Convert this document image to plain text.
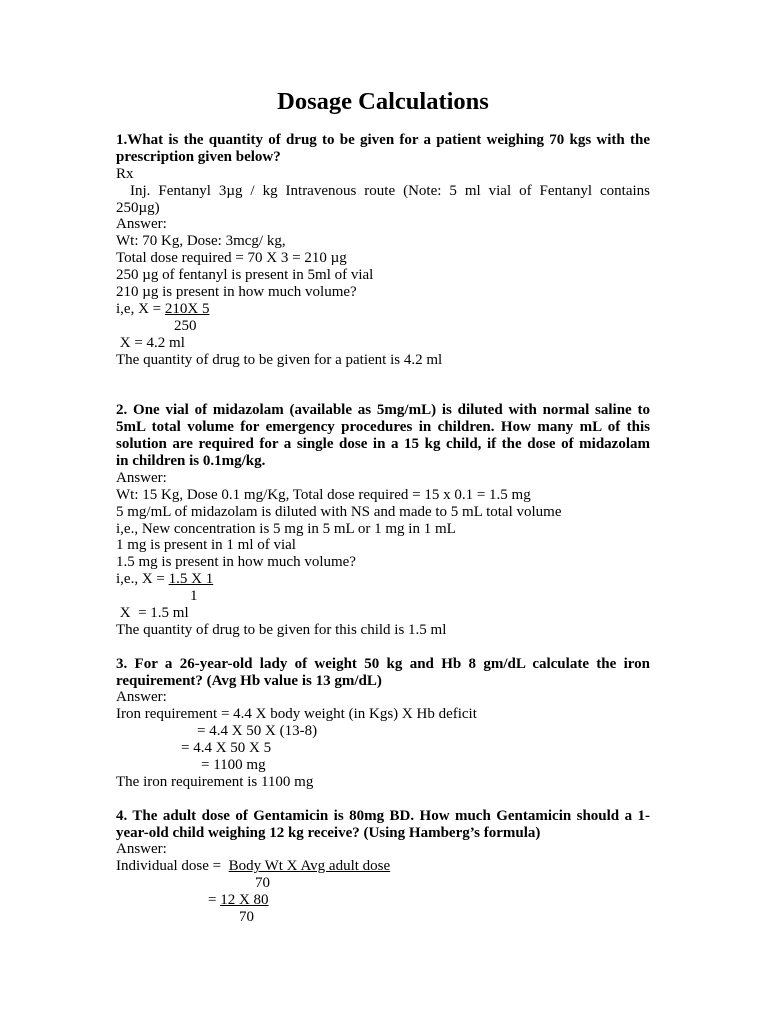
Dosage Calculations
1.What is the quantity of drug to be given for a patient weighing 70 kgs with the
prescription given below?
Rx
Inj. Fentanyl 3µg / kg Intravenous route (Note: 5 ml vial of Fentanyl contains
250µg)
Answer:
Wt: 70 Kg, Dose: 3mcg/ kg,
Total dose required = 70 X 3 = 210 µg
250 µg of fentanyl is present in 5ml of vial
210 µg is present in how much volume?
i,e, X = 210X 5
250
X = 4.2 ml
The quantity of drug to be given for a patient is 4.2 ml
2. One vial of midazolam (available as 5mg/mL) is diluted with normal saline to
5mL total volume for emergency procedures in children. How many mL of this
solution are required for a single dose in a 15 kg child, if the dose of midazolam
in children is 0.1mg/kg.
Answer:
Wt: 15 Kg, Dose 0.1 mg/Kg, Total dose required = 15 x 0.1 = 1.5 mg
5 mg/mL of midazolam is diluted with NS and made to 5 mL total volume
i,e., New concentration is 5 mg in 5 mL or 1 mg in 1 mL
1 mg is present in 1 ml of vial
1.5 mg is present in how much volume?
i,e., X = 1.5 X 1
1
X  = 1.5 ml
The quantity of drug to be given for this child is 1.5 ml
3. For a 26-year-old lady of weight 50 kg and Hb 8 gm/dL calculate the iron
requirement? (Avg Hb value is 13 gm/dL)
Answer:
Iron requirement = 4.4 X body weight (in Kgs) X Hb deficit
= 4.4 X 50 X (13-8)
= 4.4 X 50 X 5
= 1100 mg
The iron requirement is 1100 mg
4. The adult dose of Gentamicin is 80mg BD. How much Gentamicin should a 1-
year-old child weighing 12 kg receive? (Using Hamberg’s formula)
Answer:
Individual dose =  Body Wt X Avg adult dose
70
= 12 X 80
70
